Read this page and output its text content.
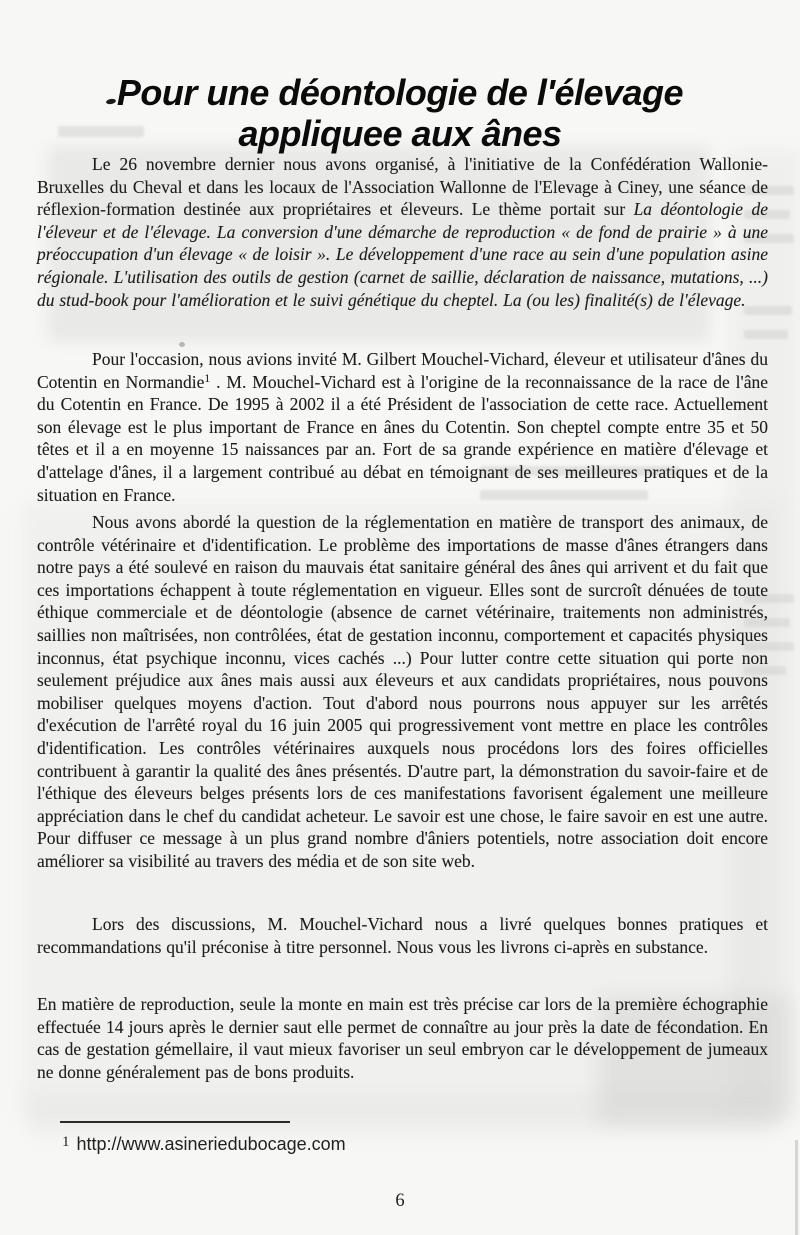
Pour une déontologie de l'élevage
appliquee aux ânes

Le 26 novembre dernier nous avons organisé, à l'initiative de la Confédération Wallonie-Bruxelles du Cheval et dans les locaux de l'Association Wallonne de l'Elevage à Ciney, une séance de réflexion-formation destinée aux propriétaires et éleveurs. Le thème portait sur La déontologie de l'éleveur et de l'élevage. La conversion d'une démarche de reproduction « de fond de prairie » à une préoccupation d'un élevage « de loisir ». Le développement d'une race au sein d'une population asine régionale. L'utilisation des outils de gestion (carnet de saillie, déclaration de naissance, mutations, ...) du stud-book pour l'amélioration et le suivi génétique du cheptel. La (ou les) finalité(s) de l'élevage.

Pour l'occasion, nous avions invité M. Gilbert Mouchel-Vichard, éleveur et utilisateur d'ânes du Cotentin en Normandie$^1$ . M. Mouchel-Vichard est à l'origine de la reconnaissance de la race de l'âne du Cotentin en France. De 1995 à 2002 il a été Président de l'association de cette race. Actuellement son élevage est le plus important de France en ânes du Cotentin. Son cheptel compte entre 35 et 50 têtes et il a en moyenne 15 naissances par an. Fort de sa grande expérience en matière d'élevage et d'attelage d'ânes, il a largement contribué au débat en témoignant de ses meilleures pratiques et de la situation en France.

Nous avons abordé la question de la réglementation en matière de transport des animaux, de contrôle vétérinaire et d'identification. Le problème des importations de masse d'ânes étrangers dans notre pays a été soulevé en raison du mauvais état sanitaire général des ânes qui arrivent et du fait que ces importations échappent à toute réglementation en vigueur. Elles sont de surcroît dénuées de toute éthique commerciale et de déontologie (absence de carnet vétérinaire, traitements non administrés, saillies non maîtrisées, non contrôlées, état de gestation inconnu, comportement et capacités physiques inconnus, état psychique inconnu, vices cachés ...) Pour lutter contre cette situation qui porte non seulement préjudice aux ânes mais aussi aux éleveurs et aux candidats propriétaires, nous pouvons mobiliser quelques moyens d'action. Tout d'abord nous pourrons nous appuyer sur les arrêtés d'exécution de l'arrêté royal du 16 juin 2005 qui progressivement vont mettre en place les contrôles d'identification. Les contrôles vétérinaires auxquels nous procédons lors des foires officielles contribuent à garantir la qualité des ânes présentés. D'autre part, la démonstration du savoir-faire et de l'éthique des éleveurs belges présents lors de ces manifestations favorisent également une meilleure appréciation dans le chef du candidat acheteur. Le savoir est une chose, le faire savoir en est une autre. Pour diffuser ce message à un plus grand nombre d'âniers potentiels, notre association doit encore améliorer sa visibilité au travers des média et de son site web.

Lors des discussions, M. Mouchel-Vichard nous a livré quelques bonnes pratiques et recommandations qu'il préconise à titre personnel. Nous vous les livrons ci-après en substance.

En matière de reproduction, seule la monte en main est très précise car lors de la première échographie effectuée 14 jours après le dernier saut elle permet de connaître au jour près la date de fécondation. En cas de gestation gémellaire, il vaut mieux favoriser un seul embryon car le développement de jumeaux ne donne généralement pas de bons produits.

$^1$ http://www.asineriedubocage.com
6
